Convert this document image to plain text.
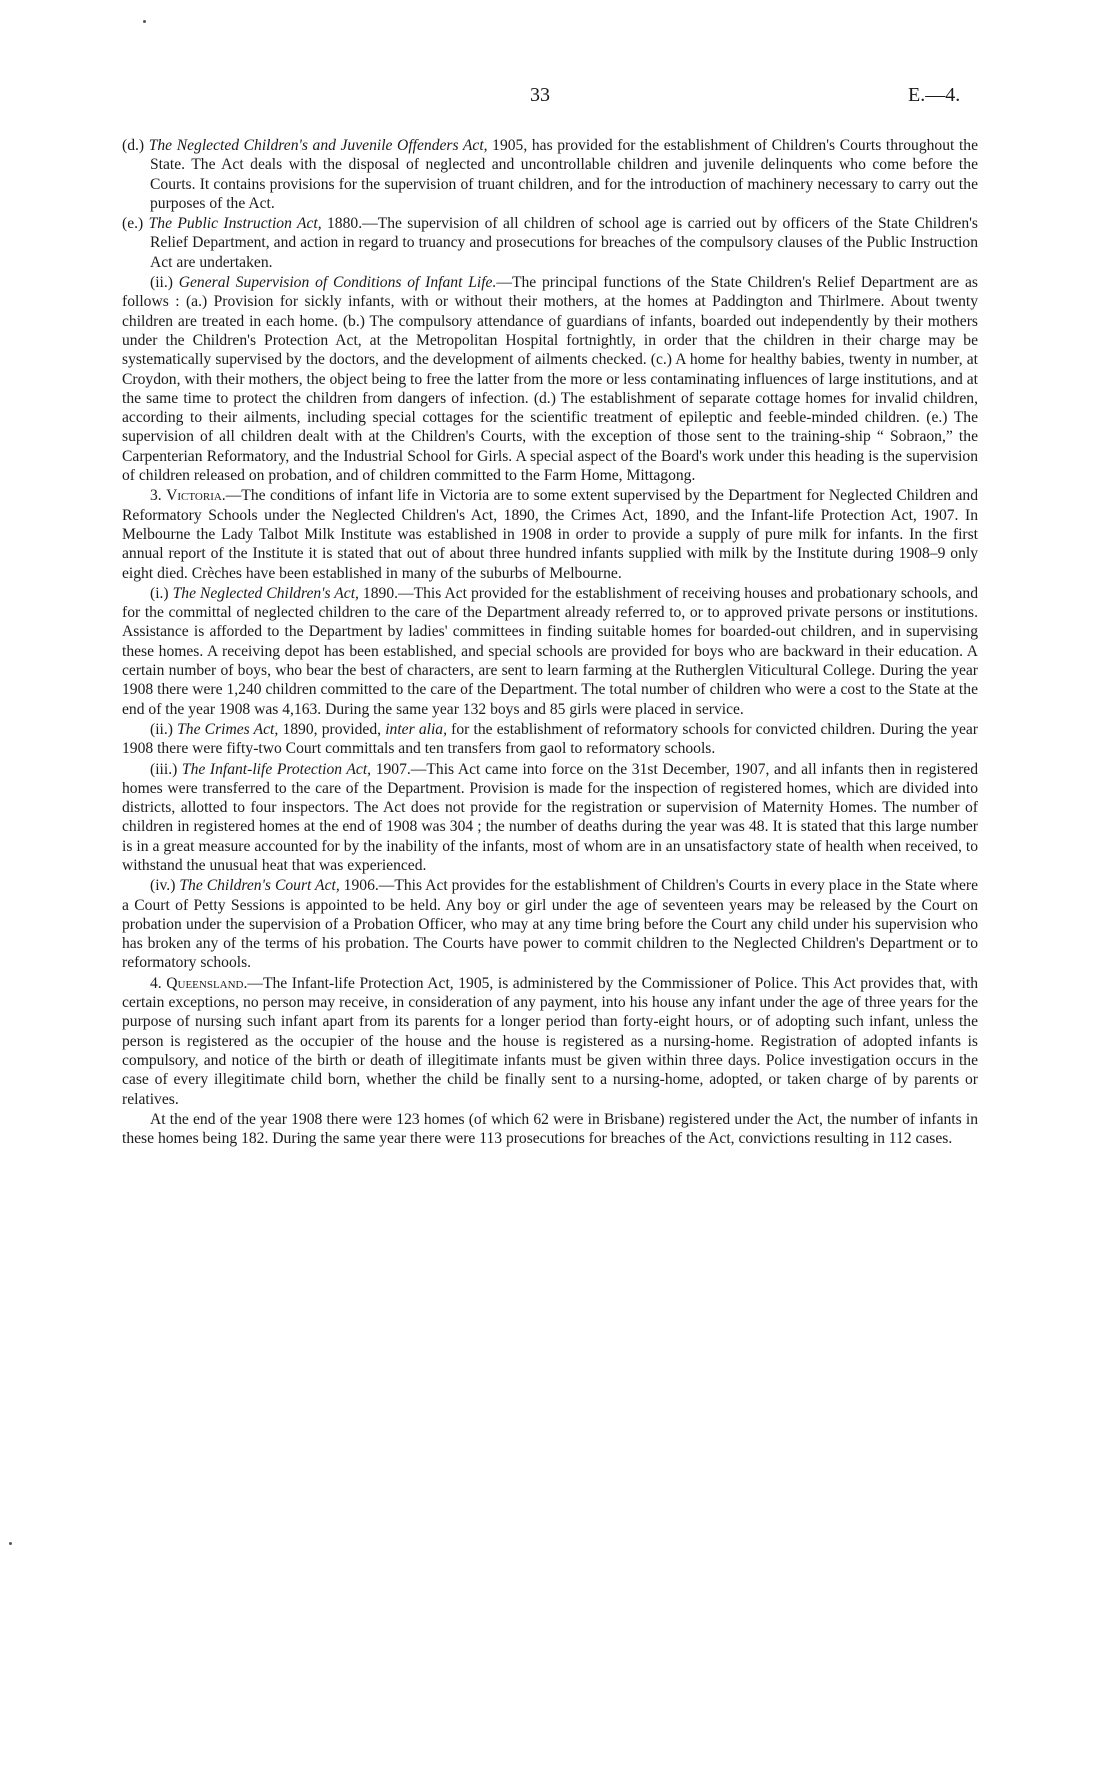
33	E.—4.

(d.) The Neglected Children's and Juvenile Offenders Act, 1905, has provided for the establishment of Children's Courts throughout the State. The Act deals with the disposal of neglected and uncontrollable children and juvenile delinquents who come before the Courts. It contains provisions for the supervision of truant children, and for the introduction of machinery necessary to carry out the purposes of the Act.

(e.) The Public Instruction Act, 1880.—The supervision of all children of school age is carried out by officers of the State Children's Relief Department, and action in regard to truancy and prosecutions for breaches of the compulsory clauses of the Public Instruction Act are undertaken.

(ii.) General Supervision of Conditions of Infant Life.—The principal functions of the State Children's Relief Department are as follows : (a.) Provision for sickly infants, with or without their mothers, at the homes at Paddington and Thirlmere. About twenty children are treated in each home. (b.) The compulsory attendance of guardians of infants, boarded out independently by their mothers under the Children's Protection Act, at the Metropolitan Hospital fortnightly, in order that the children in their charge may be systematically supervised by the doctors, and the development of ailments checked. (c.) A home for healthy babies, twenty in number, at Croydon, with their mothers, the object being to free the latter from the more or less contaminating influences of large institutions, and at the same time to protect the children from dangers of infection. (d.) The establishment of separate cottage homes for invalid children, according to their ailments, including special cottages for the scientific treatment of epileptic and feeble-minded children. (e.) The supervision of all children dealt with at the Children's Courts, with the exception of those sent to the training-ship “ Sobraon,” the Carpenterian Reformatory, and the Industrial School for Girls. A special aspect of the Board's work under this heading is the supervision of children released on probation, and of children committed to the Farm Home, Mittagong.

3. Victoria.—The conditions of infant life in Victoria are to some extent supervised by the Department for Neglected Children and Reformatory Schools under the Neglected Children's Act, 1890, the Crimes Act, 1890, and the Infant-life Protection Act, 1907. In Melbourne the Lady Talbot Milk Institute was established in 1908 in order to provide a supply of pure milk for infants. In the first annual report of the Institute it is stated that out of about three hundred infants supplied with milk by the Institute during 1908–9 only eight died. Crèches have been established in many of the suburbs of Melbourne.

(i.) The Neglected Children's Act, 1890.—This Act provided for the establishment of receiving houses and probationary schools, and for the committal of neglected children to the care of the Department already referred to, or to approved private persons or institutions. Assistance is afforded to the Department by ladies' committees in finding suitable homes for boarded-out children, and in supervising these homes. A receiving depot has been established, and special schools are provided for boys who are backward in their education. A certain number of boys, who bear the best of characters, are sent to learn farming at the Rutherglen Viticultural College. During the year 1908 there were 1,240 children committed to the care of the Department. The total number of children who were a cost to the State at the end of the year 1908 was 4,163. During the same year 132 boys and 85 girls were placed in service.

(ii.) The Crimes Act, 1890, provided, inter alia, for the establishment of reformatory schools for convicted children. During the year 1908 there were fifty-two Court committals and ten transfers from gaol to reformatory schools.

(iii.) The Infant-life Protection Act, 1907.—This Act came into force on the 31st December, 1907, and all infants then in registered homes were transferred to the care of the Department. Provision is made for the inspection of registered homes, which are divided into districts, allotted to four inspectors. The Act does not provide for the registration or supervision of Maternity Homes. The number of children in registered homes at the end of 1908 was 304 ; the number of deaths during the year was 48. It is stated that this large number is in a great measure accounted for by the inability of the infants, most of whom are in an unsatisfactory state of health when received, to withstand the unusual heat that was experienced.

(iv.) The Children's Court Act, 1906.—This Act provides for the establishment of Children's Courts in every place in the State where a Court of Petty Sessions is appointed to be held. Any boy or girl under the age of seventeen years may be released by the Court on probation under the supervision of a Probation Officer, who may at any time bring before the Court any child under his supervision who has broken any of the terms of his probation. The Courts have power to commit children to the Neglected Children's Department or to reformatory schools.

4. Queensland.—The Infant-life Protection Act, 1905, is administered by the Commissioner of Police. This Act provides that, with certain exceptions, no person may receive, in consideration of any payment, into his house any infant under the age of three years for the purpose of nursing such infant apart from its parents for a longer period than forty-eight hours, or of adopting such infant, unless the person is registered as the occupier of the house and the house is registered as a nursing-home. Registration of adopted infants is compulsory, and notice of the birth or death of illegitimate infants must be given within three days. Police investigation occurs in the case of every illegitimate child born, whether the child be finally sent to a nursing-home, adopted, or taken charge of by parents or relatives.

At the end of the year 1908 there were 123 homes (of which 62 were in Brisbane) registered under the Act, the number of infants in these homes being 182. During the same year there were 113 prosecutions for breaches of the Act, convictions resulting in 112 cases.
